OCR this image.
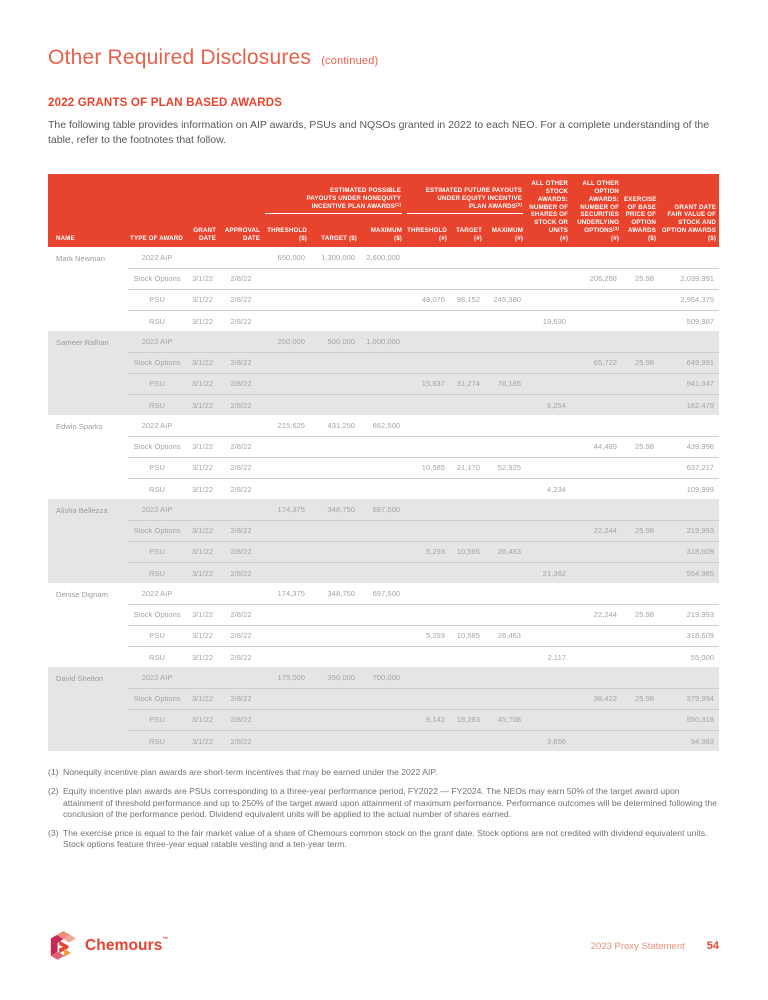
Other Required Disclosures (continued)
2022 GRANTS OF PLAN BASED AWARDS

The following table provides information on AIP awards, PSUs and NQSOs granted in 2022 to each NEO. For a complete understanding of the table, refer to the footnotes that follow.

NAME	TYPE OF AWARD	GRANT DATE	APPROVAL DATE	ESTIMATED POSSIBLE PAYOUTS UNDER NONEQUITY INCENTIVE PLAN AWARDS$^{(1)}$			ESTIMATED FUTURE PAYOUTS UNDER EQUITY INCENTIVE PLAN AWARDS$^{(2)}$			ALL OTHER STOCK AWARDS: NUMBER OF SHARES OF STOCK OR UNITS
(#)	ALL OTHER OPTION AWARDS: NUMBER OF SECURITIES UNDERLYING OPTIONS$^{(3)}$
(#)	EXERCISE OF BASE PRICE OF OPTION AWARDS
($)	GRANT DATE FAIR VALUE OF STOCK AND OPTION AWARDS
($)

				THRESHOLD ($)	TARGET ($)	MAXIMUM ($)	THRESHOLD (#)	TARGET (#)	MAXIMUM (#)				
Mark Newman	2022 AIP			650,000	1,300,000	2,600,000							
	Stock Options	3/1/22	2/8/22								206,268	25.98	2,039,991
	PSU	3/1/22	2/8/22				49,076	98,152	245,380				2,954,375
	RSU	3/1/22	2/8/22							19,630			509,987
Sameer Ralhan	2022 AIP			250,000	500,000	1,000,000							
	Stock Options	3/1/22	2/8/22								65,722	25.98	649,991
	PSU	3/1/22	2/8/22				15,637	31,274	78,185				941,347
	RSU	3/1/22	2/8/22							6,254			162,479
Edwin Sparks	2022 AIP			215,625	431,250	862,500							
	Stock Options	3/1/22	2/8/22								44,489	25.98	439,996
	PSU	3/1/22	2/8/22				10,585	21,170	52,925				637,217
	RSU	3/1/22	2/8/22							4,234			109,999
Alisha Bellezza	2022 AIP			174,375	348,750	697,500							
	Stock Options	3/1/22	2/8/22								22,244	25.98	219,993
	PSU	3/1/22	2/8/22				5,293	10,585	26,463				318,609
	RSU	3/1/22	2/8/22							21,362			554,985
Denise Dignam	2022 AIP			174,375	348,750	697,500							
	Stock Options	3/1/22	2/8/22								22,244	25.98	219,993
	PSU	3/1/22	2/8/22				5,293	10,585	26,463				318,609
	RSU	3/1/22	2/8/22							2,117			55,000
David Shelton	2022 AIP			175,000	350,000	700,000							
	Stock Options	3/1/22	2/8/22								38,422	25.98	379,994
	PSU	3/1/22	2/8/22				9,142	18,283	45,708				550,318
	RSU	3/1/22	2/8/22							3,656			94,983
(1) Nonequity incentive plan awards are short-term incentives that may be earned under the 2022 AIP.
(2) Equity incentive plan awards are PSUs corresponding to a three-year performance period, FY2022 — FY2024. The NEOs may earn 50% of the target award upon attainment of threshold performance and up to 250% of the target award upon attainment of maximum performance. Performance outcomes will be determined following the conclusion of the performance period. Dividend equivalent units will be applied to the actual number of shares earned.
(3) The exercise price is equal to the fair market value of a share of Chemours common stock on the grant date. Stock options are not credited with dividend equivalent units. Stock options feature three-year equal ratable vesting and a ten-year term.
Chemours™
2023 Proxy Statement 54
